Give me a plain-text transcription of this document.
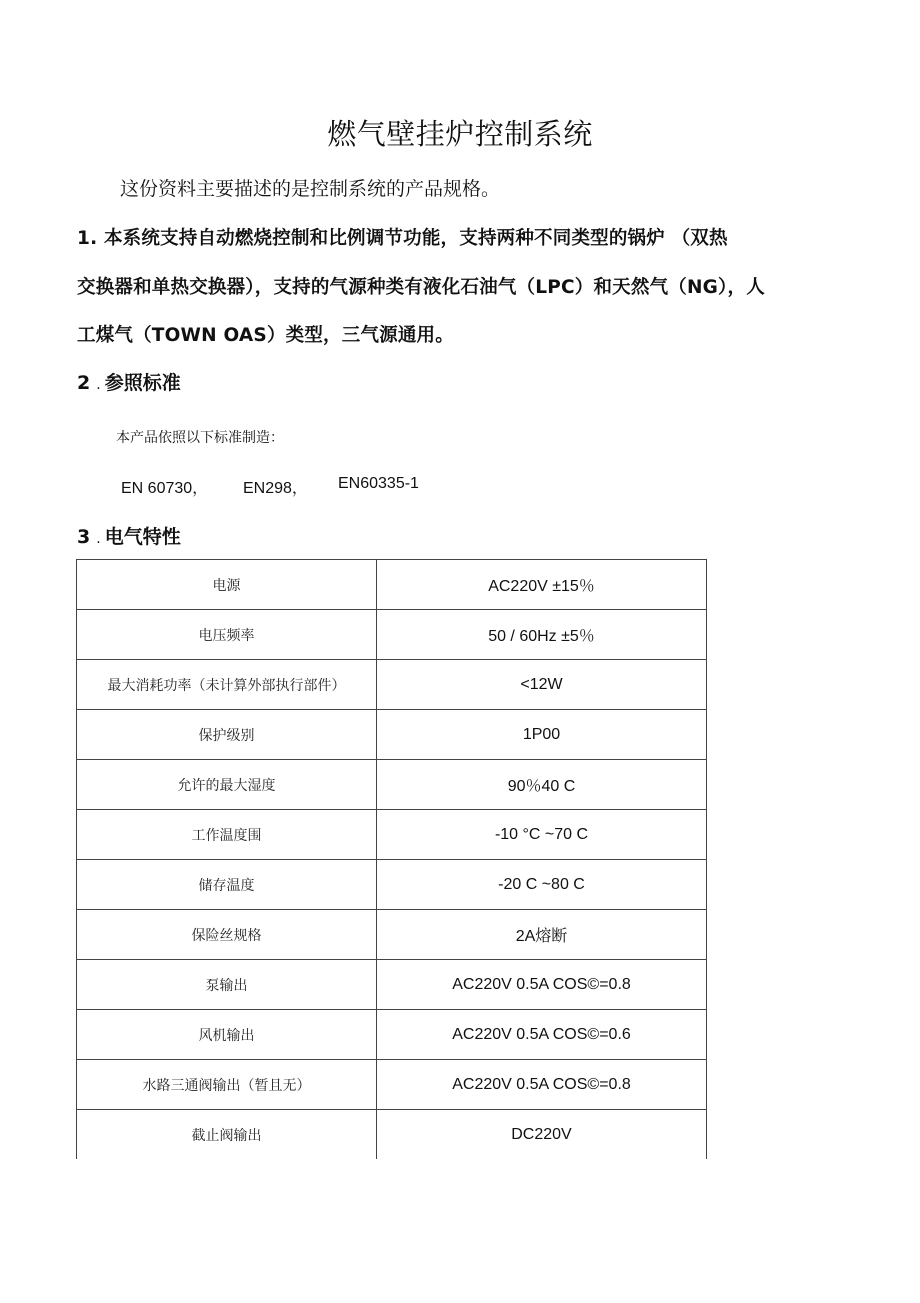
燃气壁挂炉控制系统
这份资料主要描述的是控制系统的产品规格。
1. 本系统支持自动燃烧控制和比例调节功能，支持两种不同类型的锅炉 （双热
交换器和单热交换器），支持的气源种类有液化石油气（LPC）和天然气（NG），人
工煤气（TOWN OAS）类型，三气源通用。
2 . 参照标准
本产品依照以下标准制造：
EN 60730， EN298， EN60335-1
3 . 电气特性
电源	AC220V ±15％
电压频率	50 / 60Hz ±5％
最大消耗功率（未计算外部执行部件）	<12W
保护级别	1P00
允许的最大湿度	90％40 C
工作温度围	-10 °C ~70 C
储存温度	-20 C ~80 C
保险丝规格	2A熔断
泵输出	AC220V 0.5A COS©=0.8
风机输出	AC220V 0.5A COS©=0.6
水路三通阀输出（暂且无）	AC220V 0.5A COS©=0.8
截止阀输出	DC220V
